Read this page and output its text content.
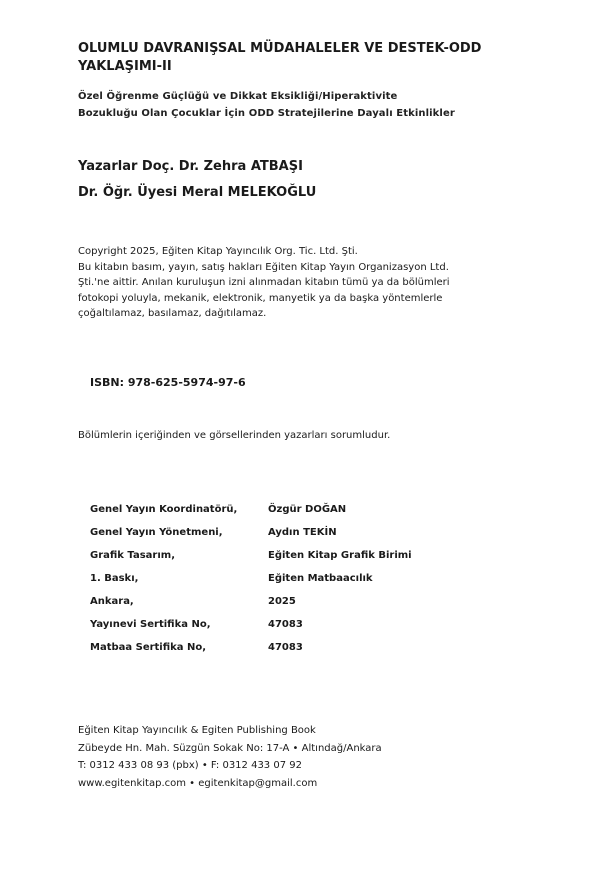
OLUMLU DAVRANIŞSAL MÜDAHALELER VE DESTEK-ODD
YAKLAŞIMI-II
Özel Öğrenme Güçlüğü ve Dikkat Eksikliği/Hiperaktivite
Bozukluğu Olan Çocuklar İçin ODD Stratejilerine Dayalı Etkinlikler
Yazarlar Doç. Dr. Zehra ATBAŞI
Dr. Öğr. Üyesi Meral MELEKOĞLU
Copyright 2025, Eğiten Kitap Yayıncılık Org. Tic. Ltd. Şti.
Bu kitabın basım, yayın, satış hakları Eğiten Kitap Yayın Organizasyon Ltd.
Şti.'ne aittir. Anılan kuruluşun izni alınmadan kitabın tümü ya da bölümleri
fotokopi yoluyla, mekanik, elektronik, manyetik ya da başka yöntemlerle
çoğaltılamaz, basılamaz, dağıtılamaz.
ISBN: 978-625-5974-97-6
Bölümlerin içeriğinden ve görsellerinden yazarları sorumludur.
Genel Yayın Koordinatörü,	Özgür DOĞAN
Genel Yayın Yönetmeni,	Aydın TEKİN
Grafik Tasarım,	Eğiten Kitap Grafik Birimi
1. Baskı,	Eğiten Matbaacılık
Ankara,	2025
Yayınevi Sertifika No,	47083
Matbaa Sertifika No,	47083
Eğiten Kitap Yayıncılık & Egiten Publishing Book
Zübeyde Hn. Mah. Süzgün Sokak No: 17-A • Altındağ/Ankara
T: 0312 433 08 93 (pbx) • F: 0312 433 07 92
www.egitenkitap.com • egitenkitap@gmail.com
